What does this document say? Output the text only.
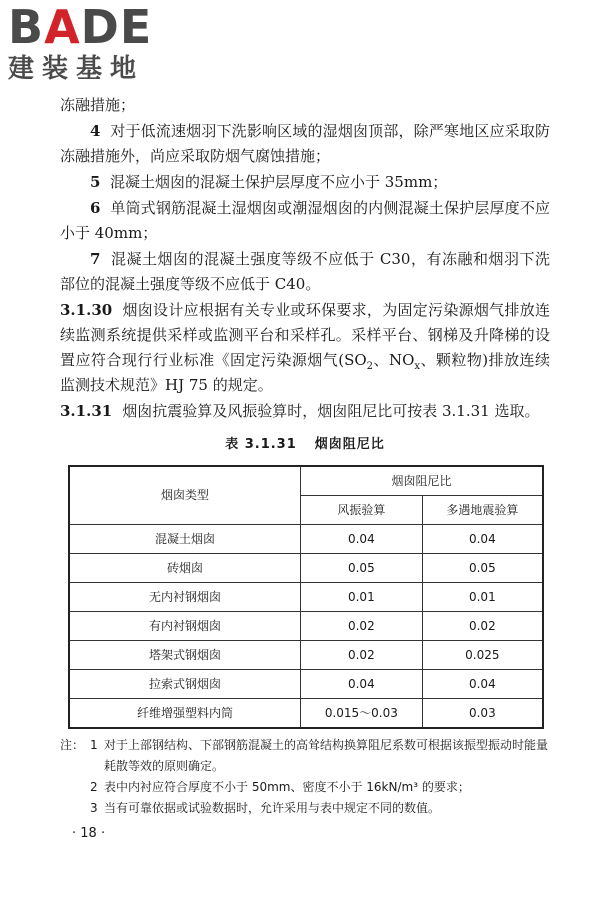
BADE
建装基地

冻融措施；

4 对于低流速烟羽下洗影响区域的湿烟囱顶部，除严寒地区应采取防冻融措施外，尚应采取防烟气腐蚀措施；

5 混凝土烟囱的混凝土保护层厚度不应小于 35mm；

6 单筒式钢筋混凝土湿烟囱或潮湿烟囱的内侧混凝土保护层厚度不应小于 40mm；

7 混凝土烟囱的混凝土强度等级不应低于 C30，有冻融和烟羽下洗部位的混凝土强度等级不应低于 C40。

3.1.30 烟囱设计应根据有关专业或环保要求，为固定污染源烟气排放连续监测系统提供采样或监测平台和采样孔。采样平台、钢梯及升降梯的设置应符合现行行业标准《固定污染源烟气($SO_2$、$NO_x$、颗粒物)排放连续监测技术规范》HJ 75 的规定。

3.1.31 烟囱抗震验算及风振验算时，烟囱阻尼比可按表 3.1.31 选取。

表 3.1.31 烟囱阻尼比
烟囱类型	烟囱阻尼比	
	风振验算	多遇地震验算
混凝土烟囱	0.04	0.04
砖烟囱	0.05	0.05
无内衬钢烟囱	0.01	0.01
有内衬钢烟囱	0.02	0.02
塔架式钢烟囱	0.02	0.025
拉索式钢烟囱	0.04	0.04
纤维增强塑料内筒	0.015～0.03	0.03
注： 1 对于上部钢结构、下部钢筋混凝土的高耸结构换算阻尼系数可根据该振型振动时能量耗散等效的原则确定。
2 表中内衬应符合厚度不小于 50mm、密度不小于 16kN/m³ 的要求；
3 当有可靠依据或试验数据时，允许采用与表中规定不同的数值。
· 18 ·
